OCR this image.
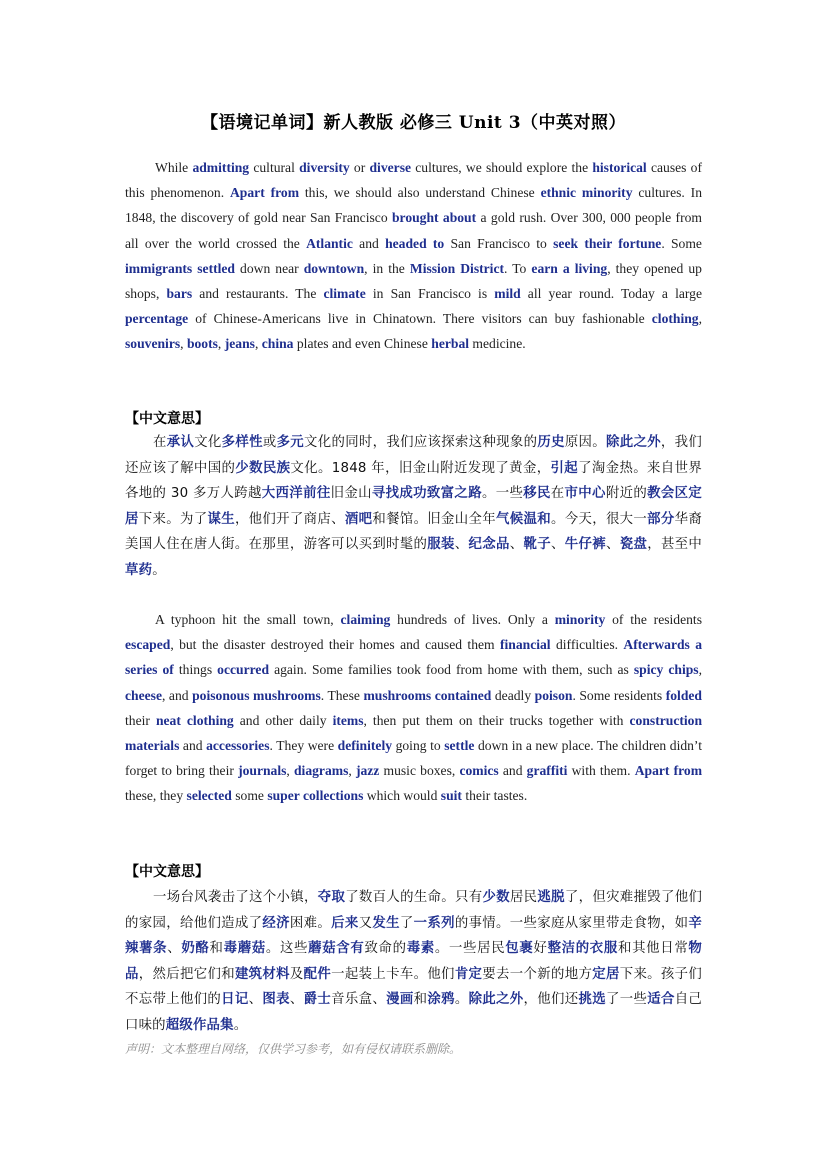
【语境记单词】新人教版 必修三 Unit 3（中英对照）

While admitting cultural diversity or diverse cultures, we should explore the historical causes of this phenomenon. Apart from this, we should also understand Chinese ethnic minority cultures. In 1848, the discovery of gold near San Francisco brought about a gold rush. Over 300, 000 people from all over the world crossed the Atlantic and headed to San Francisco to seek their fortune. Some immigrants settled down near downtown, in the Mission District. To earn a living, they opened up shops, bars and restaurants. The climate in San Francisco is mild all year round. Today a large percentage of Chinese-Americans live in Chinatown. There visitors can buy fashionable clothing, souvenirs, boots, jeans, china plates and even Chinese herbal medicine.

【中文意思】

在承认文化多样性或多元文化的同时，我们应该探索这种现象的历史原因。除此之外，我们还应该了解中国的少数民族文化。1848 年，旧金山附近发现了黄金，引起了淘金热。来自世界各地的 30 多万人跨越大西洋前往旧金山寻找成功致富之路。一些移民在市中心附近的教会区定居下来。为了谋生，他们开了商店、酒吧和餐馆。旧金山全年气候温和。今天，很大一部分华裔美国人住在唐人街。在那里，游客可以买到时髦的服装、纪念品、靴子、牛仔裤、瓷盘，甚至中草药。

A typhoon hit the small town, claiming hundreds of lives. Only a minority of the residents escaped, but the disaster destroyed their homes and caused them financial difficulties. Afterwards a series of things occurred again. Some families took food from home with them, such as spicy chips, cheese, and poisonous mushrooms. These mushrooms contained deadly poison. Some residents folded their neat clothing and other daily items, then put them on their trucks together with construction materials and accessories. They were definitely going to settle down in a new place. The children didn’t forget to bring their journals, diagrams, jazz music boxes, comics and graffiti with them. Apart from these, they selected some super collections which would suit their tastes.

【中文意思】

一场台风袭击了这个小镇，夺取了数百人的生命。只有少数居民逃脱了，但灾难摧毁了他们的家园，给他们造成了经济困难。后来又发生了一系列的事情。一些家庭从家里带走食物，如辛辣薯条、奶酪和毒蘑菇。这些蘑菇含有致命的毒素。一些居民包裹好整洁的衣服和其他日常物品，然后把它们和建筑材料及配件一起装上卡车。他们肯定要去一个新的地方定居下来。孩子们不忘带上他们的日记、图表、爵士音乐盒、漫画和涂鸦。除此之外，他们还挑选了一些适合自己口味的超级作品集。

声明：文本整理自网络，仅供学习参考，如有侵权请联系删除。
